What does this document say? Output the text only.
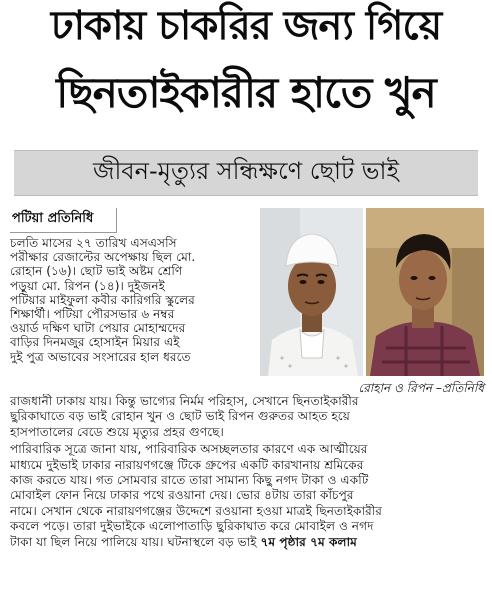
ঢাকায় চাকরির জন্য গিয়ে
ছিনতাইকারীর হাতে খুন
জীবন-মৃত্যুর সন্ধিক্ষণে ছোট ভাই
পটিয়া প্রতিনিধি
রোহান ও রিপন –প্রতিনিধি
চলতি মাসের ২৭ তারিখ এসএসসি
পরীক্ষার রেজাল্টের অপেক্ষায় ছিল মো.
রোহান (১৬)। ছোট ভাই অষ্টম শ্রেণি
পড়ুয়া মো. রিপন (১৪)। দুইজনই
পটিয়ার মাইফুলা কবীর কারিগরি স্কুলের
শিক্ষার্থী। পটিয়া পৌরসভার ৬ নম্বর
ওয়ার্ড দক্ষিণ ঘাটা পেয়ার মোহাম্মদের
বাড়ির দিনমজুর হোসাইন মিয়ার এই
দুই পুত্র অভাবের সংসারের হাল ধরতে

রাজধানী ঢাকায় যায়। কিন্তু ভাগ্যের নির্মম পরিহাস, সেখানে ছিনতাইকারীর
ছুরিকাঘাতে বড় ভাই রোহান খুন ও ছোট ভাই রিপন গুরুতর আহত হয়ে
হাসপাতালের বেডে শুয়ে মৃত্যুর প্রহর গুণছে।

পারিবারিক সূত্রে জানা যায়, পারিবারিক অসচ্ছলতার কারণে এক আত্মীয়ের
মাধ্যমে দুইভাই ঢাকার নারায়ণগঞ্জে টিকে গ্রুপের একটি কারখানায় শ্রমিকের
কাজ করতে যায়। গত সোমবার রাতে তারা সামান্য কিছু নগদ টাকা ও একটি
মোবাইল ফোন নিয়ে ঢাকার পথে রওয়ানা দেয়। ভোর ৪টায় তারা কাঁচপুর
নামে। সেখান থেকে নারায়ণগঞ্জের উদ্দেশে রওয়ানা হওয়া মাত্রই ছিনতাইকারীর
কবলে পড়ে। তারা দুইভাইকে এলোপাতাড়ি ছুরিকাঘাত করে মোবাইল ও নগদ
টাকা যা ছিল নিয়ে পালিয়ে যায়। ঘটনাস্থলে বড় ভাই ৭ম পৃষ্ঠার ৭ম কলাম
